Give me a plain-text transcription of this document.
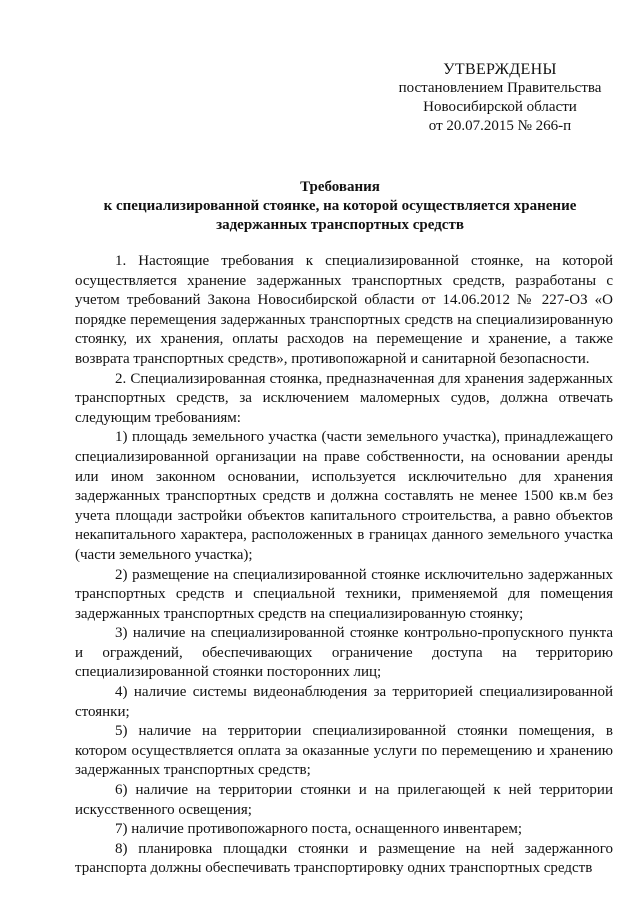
УТВЕРЖДЕНЫ
постановлением Правительства
Новосибирской области
от 20.07.2015 № 266-п
Требования
к специализированной стоянке, на которой осуществляется хранение
задержанных транспортных средств

1. Настоящие требования к специализированной стоянке, на которой осуществляется хранение задержанных транспортных средств, разработаны с учетом требований Закона Новосибирской области от 14.06.2012 № 227-ОЗ «О порядке перемещения задержанных транспортных средств на специализированную стоянку, их хранения, оплаты расходов на перемещение и хранение, а также возврата транспортных средств», противопожарной и санитарной безопасности.

2. Специализированная стоянка, предназначенная для хранения задержанных транспортных средств, за исключением маломерных судов, должна отвечать следующим требованиям:

1) площадь земельного участка (части земельного участка), принадлежащего специализированной организации на праве собственности, на основании аренды или ином законном основании, используется исключительно для хранения задержанных транспортных средств и должна составлять не менее 1500 кв.м без учета площади застройки объектов капитального строительства, а равно объектов некапитального характера, расположенных в границах данного земельного участка (части земельного участка);

2) размещение на специализированной стоянке исключительно задержанных транспортных средств и специальной техники, применяемой для помещения задержанных транспортных средств на специализированную стоянку;

3) наличие на специализированной стоянке контрольно-пропускного пункта и ограждений, обеспечивающих ограничение доступа на территорию специализированной стоянки посторонних лиц;

4) наличие системы видеонаблюдения за территорией специализированной стоянки;

5) наличие на территории специализированной стоянки помещения, в котором осуществляется оплата за оказанные услуги по перемещению и хранению задержанных транспортных средств;

6) наличие на территории стоянки и на прилегающей к ней территории искусственного освещения;

7) наличие противопожарного поста, оснащенного инвентарем;

8) планировка площадки стоянки и размещение на ней задержанного транспорта должны обеспечивать транспортировку одних транспортных средств
